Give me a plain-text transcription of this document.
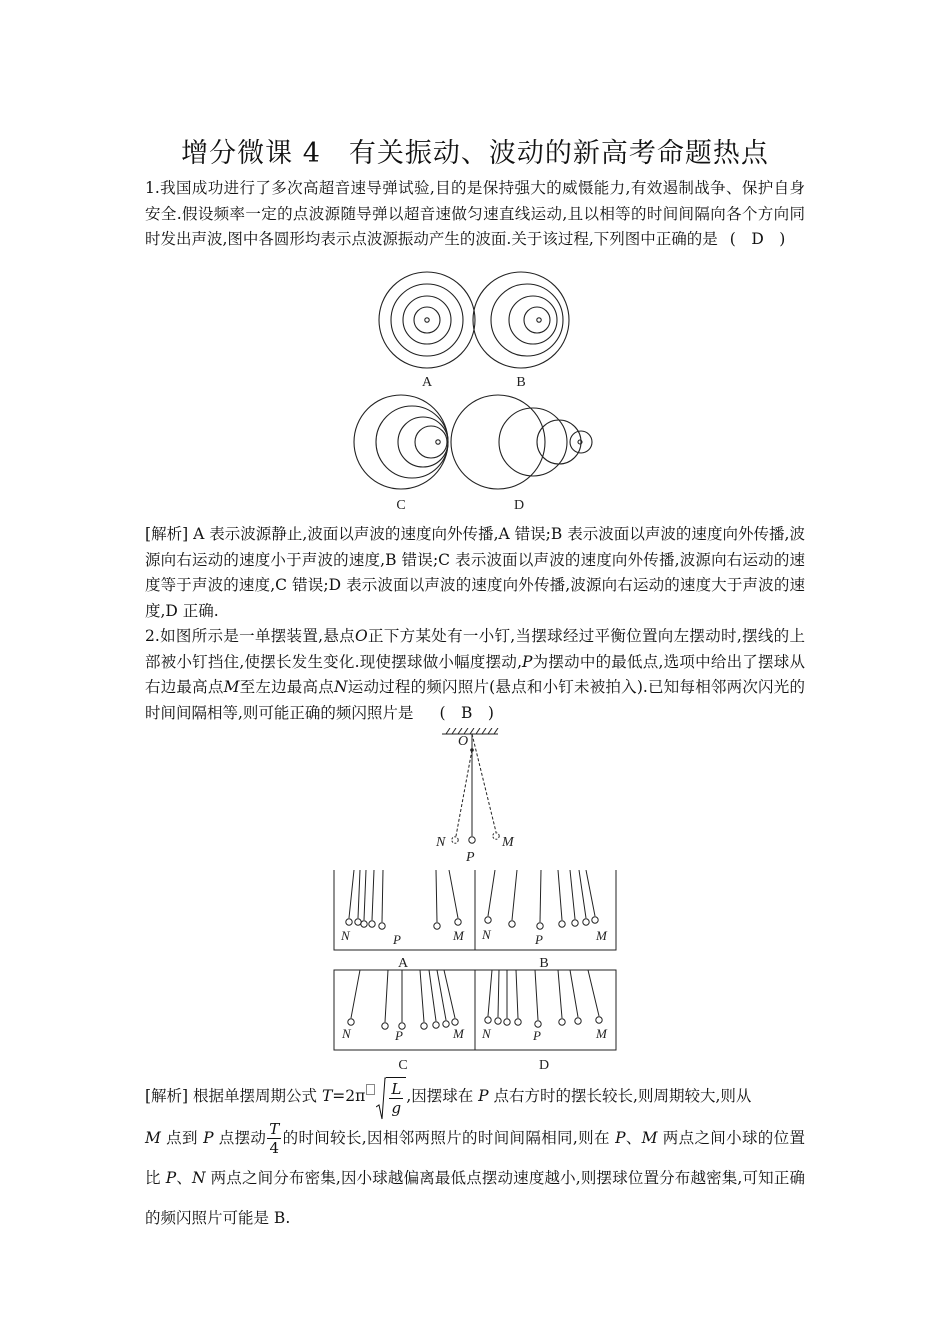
增分微课 4　有关振动、波动的新高考命题热点
1.我国成功进行了多次高超音速导弹试验,目的是保持强大的威慑能力,有效遏制战争、保护自身安全.假设频率一定的点波源随导弹以超音速做匀速直线运动,且以相等的时间间隔向各个方向同时发出声波,图中各圆形均表示点波源振动产生的波面.关于该过程,下列图中正确的是 (　D　)
A	B
C	D
[解析] A 表示波源静止,波面以声波的速度向外传播,A 错误;B 表示波面以声波的速度向外传播,波源向右运动的速度小于声波的速度,B 错误;C 表示波面以声波的速度向外传播,波源向右运动的速度等于声波的速度,C 错误;D 表示波面以声波的速度向外传播,波源向右运动的速度大于声波的速度,D 正确.
2.如图所示是一单摆装置,悬点O正下方某处有一小钉,当摆球经过平衡位置向左摆动时,摆线的上部被小钉挡住,使摆长发生变化.现使摆球做小幅度摆动,P为摆动中的最低点,选项中给出了摆球从右边最高点M至左边最高点N运动过程的频闪照片(悬点和小钉未被拍入).已知每相邻两次闪光的时间间隔相等,则可能正确的频闪照片是 (　B　)
O
N
P
M
N	P	M N	P	M
N	P	M N	P	M
A	B
C	D
[解析] 根据单摆周期公式 $T=2\pi \frac{L}{g}$ ,因摆球在 P 点右方时的摆长较长,则周期较大,则从
M 点到 P 点摆动 $\frac{T}{4}$ 的时间较长,因相邻两照片的时间间隔相同,则在 P、M 两点之间小球的位置比 P、N 两点之间分布密集,因小球越偏离最低点摆动速度越小,则摆球位置分布越密集,可知正确的频闪照片可能是 B.
